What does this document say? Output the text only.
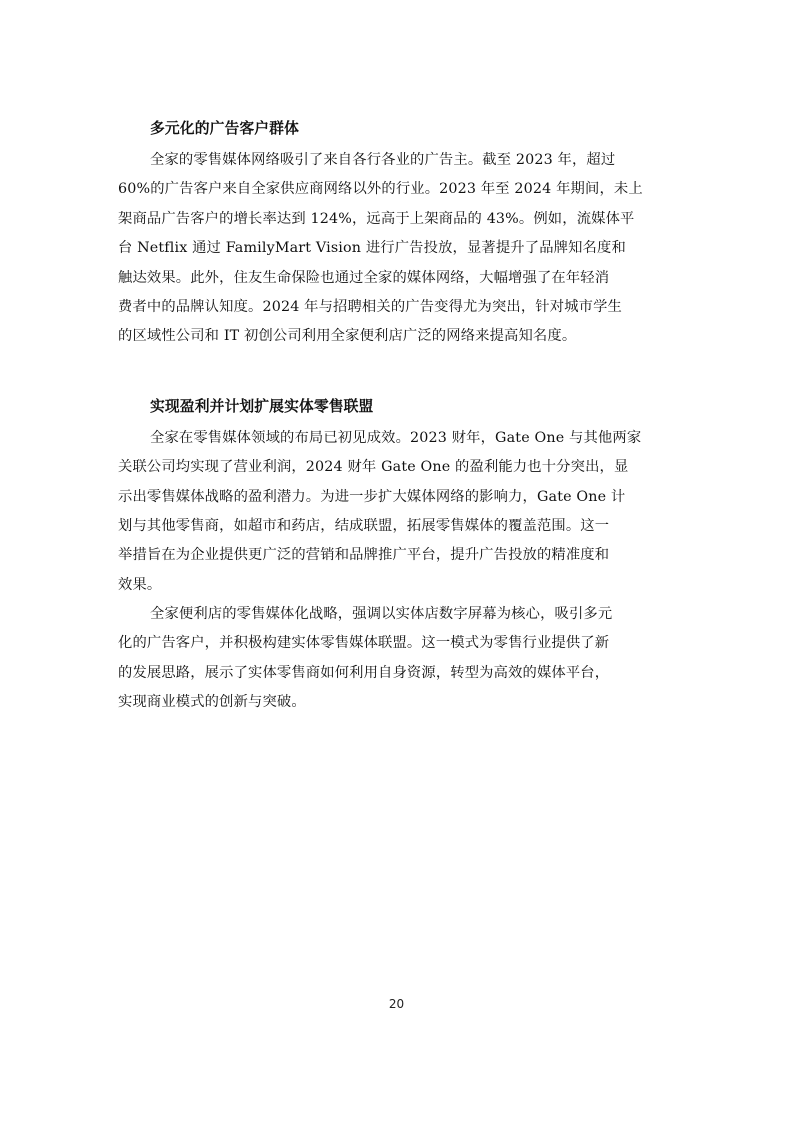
多元化的广告客户群体

全家的零售媒体网络吸引了来自各行各业的广告主。截至 2023 年，超过
60%的广告客户来自全家供应商网络以外的行业。2023 年至 2024 年期间，未上
架商品广告客户的增长率达到 124%，远高于上架商品的 43%。例如，流媒体平
台 Netflix 通过 FamilyMart Vision 进行广告投放，显著提升了品牌知名度和
触达效果。此外，住友生命保险也通过全家的媒体网络，大幅增强了在年轻消
费者中的品牌认知度。2024 年与招聘相关的广告变得尤为突出，针对城市学生
的区域性公司和 IT 初创公司利用全家便利店广泛的网络来提高知名度。

实现盈利并计划扩展实体零售联盟

全家在零售媒体领域的布局已初见成效。2023 财年，Gate One 与其他两家
关联公司均实现了营业利润，2024 财年 Gate One 的盈利能力也十分突出，显
示出零售媒体战略的盈利潜力。为进一步扩大媒体网络的影响力，Gate One 计
划与其他零售商，如超市和药店，结成联盟，拓展零售媒体的覆盖范围。这一
举措旨在为企业提供更广泛的营销和品牌推广平台，提升广告投放的精准度和
效果。

全家便利店的零售媒体化战略，强调以实体店数字屏幕为核心，吸引多元
化的广告客户，并积极构建实体零售媒体联盟。这一模式为零售行业提供了新
的发展思路，展示了实体零售商如何利用自身资源，转型为高效的媒体平台，
实现商业模式的创新与突破。

20
